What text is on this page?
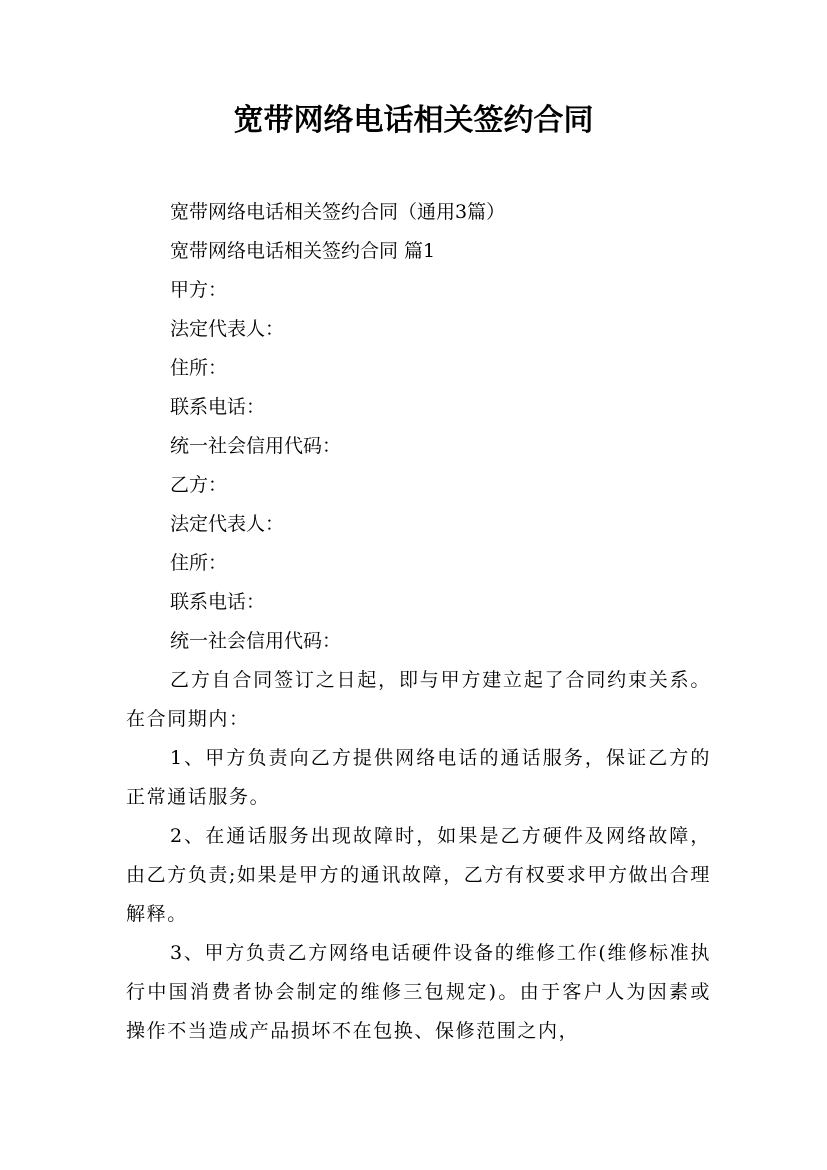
宽带网络电话相关签约合同

宽带网络电话相关签约合同（通用3篇）

宽带网络电话相关签约合同 篇1

甲方：

法定代表人：

住所：

联系电话：

统一社会信用代码：

乙方：

法定代表人：

住所：

联系电话：

统一社会信用代码：

乙方自合同签订之日起，即与甲方建立起了合同约束关系。在合同期内：

1、甲方负责向乙方提供网络电话的通话服务，保证乙方的正常通话服务。

2、在通话服务出现故障时，如果是乙方硬件及网络故障，由乙方负责;如果是甲方的通讯故障，乙方有权要求甲方做出合理解释。

3、甲方负责乙方网络电话硬件设备的维修工作(维修标准执行中国消费者协会制定的维修三包规定)。由于客户人为因素或操作不当造成产品损坏不在包换、保修范围之内，
